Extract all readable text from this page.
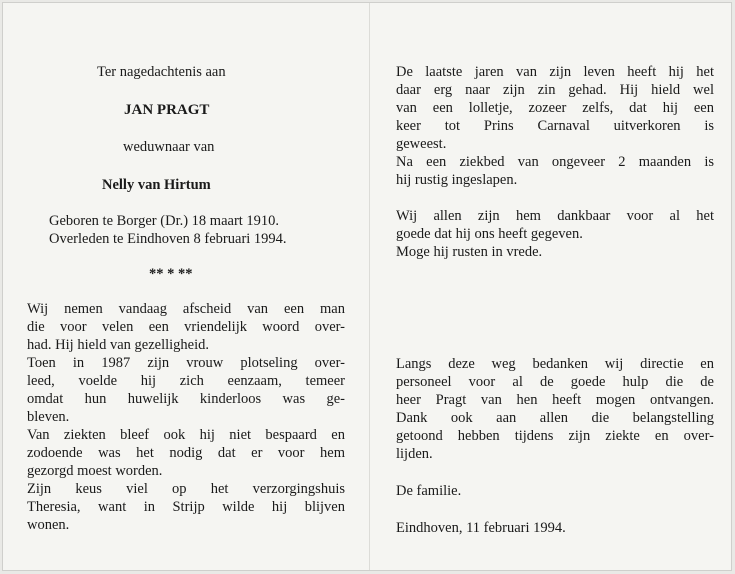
Ter nagedachtenis aan
JAN PRAGT
weduwnaar van
Nelly van Hirtum
Geboren te Borger (Dr.) 18 maart 1910.
Overleden te Eindhoven 8 februari 1994.
** * **
Wij nemen vandaag afscheid van een man
die voor velen een vriendelijk woord over-
had. Hij hield van gezelligheid.
Toen in 1987 zijn vrouw plotseling over-
leed, voelde hij zich eenzaam, temeer
omdat hun huwelijk kinderloos was ge-
bleven.
Van ziekten bleef ook hij niet bespaard en
zodoende was het nodig dat er voor hem
gezorgd moest worden.
Zijn keus viel op het verzorgingshuis
Theresia, want in Strijp wilde hij blijven
wonen.
De laatste jaren van zijn leven heeft hij het
daar erg naar zijn zin gehad. Hij hield wel
van een lolletje, zozeer zelfs, dat hij een
keer tot Prins Carnaval uitverkoren is
geweest.
Na een ziekbed van ongeveer 2 maanden is
hij rustig ingeslapen.
Wij allen zijn hem dankbaar voor al het
goede dat hij ons heeft gegeven.
Moge hij rusten in vrede.
Langs deze weg bedanken wij directie en
personeel voor al de goede hulp die de
heer Pragt van hen heeft mogen ontvangen.
Dank ook aan allen die belangstelling
getoond hebben tijdens zijn ziekte en over-
lijden.
De familie.
Eindhoven, 11 februari 1994.
